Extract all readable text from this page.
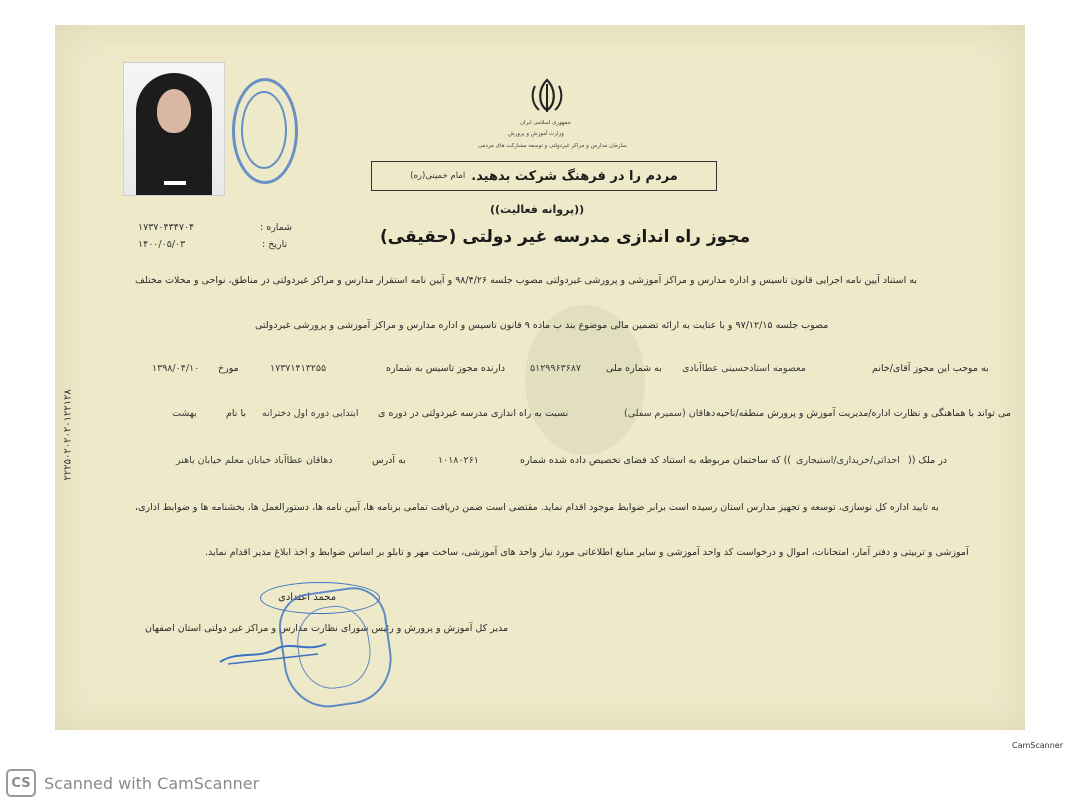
جمهوری اسلامی ایران
وزارت آموزش و پرورش
سازمان مدارس و مراکز غیردولتی و توسعه مشارکت های مردمی
مردم را در فرهنگ شرکت بدهید.
امام خمینی(ره)
((پروانه فعالیت))
مجوز راه اندازی مدرسه غیر دولتی (حقیقی)
شماره :
۱۷۳۷۰۴۳۴۷۰۴
تاریخ :
۱۴۰۰/۰۵/۰۳
به استناد آیین نامه اجرایی قانون تاسیس و اداره مدارس و مراکز آموزشی و پرورشی غیردولتی مصوب جلسه ۹۸/۴/۲۶ و آیین نامه استقرار مدارس و مراکز غیردولتی در مناطق، نواحی و محلات مختلف
مصوب جلسه ۹۷/۱۲/۱۵ و با عنایت به ارائه تضمین مالی موضوع بند ب ماده ۹ قانون تاسیس و اداره مدارس و مراکز آموزشی و پرورشی غیردولتی
به موجب این مجوز آقای/خانم
معصومه استادحسینی عطاآبادی
به شماره ملی
۵۱۲۹۹۶۳۶۸۷
دارنده مجوز تاسیس به شماره
۱۷۳۷۱۴۱۳۲۵۵
مورخ
۱۳۹۸/۰۴/۱۰
می تواند با هماهنگی و نظارت اداره/مدیریت آموزش و پرورش منطقه/ناحیه
دهاقان (سمیرم سفلی)
نسبت به راه اندازی مدرسه غیردولتی در دوره ی
ابتدایی دوره اول دخترانه
با نام
بهشت
در ملک ((
احداثی/خریداری/استیجاری
)) که ساختمان مربوطه به استناد کد فضای تخصیص داده شده شماره
۱۰۱۸۰۲۶۱
به آدرس
دهاقان عطاآباد خیابان معلم خیابان باهنر
به تایید اداره کل نوسازی، توسعه و تجهیز مدارس استان رسیده است برابر ضوابط موجود اقدام نماید. مقتضی است ضمن دریافت تمامی برنامه ها، آیین نامه ها، دستورالعمل ها، بخشنامه ها و ضوابط اداری،
آموزشی و تربیتی و دفتر آمار، امتحانات، اموال و درخواست کد واحد آموزشی و سایر منابع اطلاعاتی مورد نیاز واحد های آموزشی، ساخت مهر و تابلو بر اساس ضوابط و اخذ ابلاغ مدیر اقدام نماید.
محمد اعتدادی
مدیر کل آموزش و پرورش و رئیس شورای نظارت مدارس و مراکز غیر دولتی استان اصفهان
CamScanner
CS Scanned with CamScanner
